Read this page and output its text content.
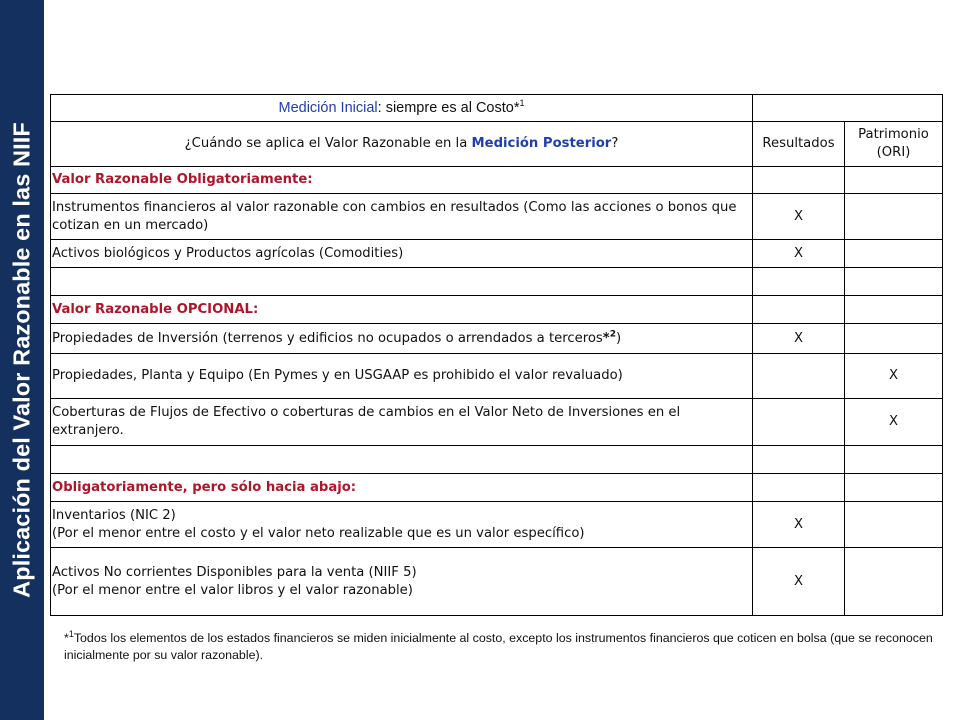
Aplicación del Valor Razonable en las NIIF
Medición Inicial: siempre es al Costo*$^1$	
¿Cuándo se aplica el Valor Razonable en la Medición Posterior?	Resultados	Patrimonio
(ORI)

Valor Razonable Obligatoriamente:		
Instrumentos financieros al valor razonable con cambios en resultados (Como las acciones o bonos que cotizan en un mercado)	X	
Activos biológicos y Productos agrícolas (Comodities)	X	

Valor Razonable OPCIONAL:		
Propiedades de Inversión (terrenos y edificios no ocupados o arrendados a terceros*$^2$)	X	
Propiedades, Planta y Equipo (En Pymes y en USGAAP es prohibido el valor revaluado)		X
Coberturas de Flujos de Efectivo o coberturas de cambios en el Valor Neto de Inversiones en el extranjero.		X

Obligatoriamente, pero sólo hacia abajo:		

Inventarios (NIC 2)
(Por el menor entre el costo y el valor neto realizable que es un valor específico)	X	

Activos No corrientes Disponibles para la venta (NIIF 5)
(Por el menor entre el valor libros y el valor razonable)	X	
*$^1$Todos los elementos de los estados financieros se miden inicialmente al costo, excepto los instrumentos financieros que coticen en bolsa (que se reconocen inicialmente por su valor razonable).
